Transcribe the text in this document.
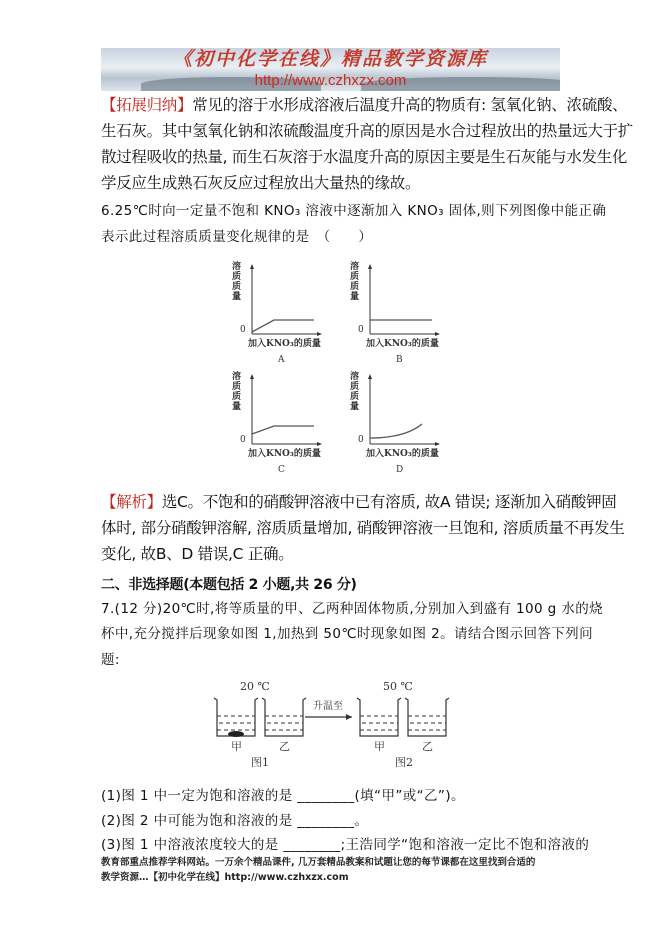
《初中化学在线》精品教学资源库
http://www.czhxzx.com
【拓展归纳】常见的溶于水形成溶液后温度升高的物质有: 氢氧化钠、浓硫酸、
生石灰。其中氢氧化钠和浓硫酸温度升高的原因是水合过程放出的热量远大于扩
散过程吸收的热量, 而生石灰溶于水温度升高的原因主要是生石灰能与水发生化
学反应生成熟石灰反应过程放出大量热的缘故。
6.25℃时向一定量不饱和 KNO₃ 溶液中逐渐加入 KNO₃ 固体,则下列图像中能正确
表示此过程溶质质量变化规律的是　（　　）
溶质质量
0
加入KNO₃的质量
A
溶质质量
0
加入KNO₃的质量
B
溶质质量
0
加入KNO₃的质量
C
溶质质量
0
加入KNO₃的质量
D
【解析】选C。不饱和的硝酸钾溶液中已有溶质, 故A 错误; 逐渐加入硝酸钾固
体时, 部分硝酸钾溶解, 溶质质量增加, 硝酸钾溶液一旦饱和, 溶质质量不再发生
变化, 故B、D 错误,C 正确。
二、非选择题(本题包括 2 小题,共 26 分)
7.(12 分)20℃时,将等质量的甲、乙两种固体物质,分别加入到盛有 100 g 水的烧
杯中,充分搅拌后现象如图 1,加热到 50℃时现象如图 2。请结合图示回答下列问
题:
20 ℃	50 ℃
升温至
甲	乙	甲	乙
图1	图2
(1)图 1 中一定为饱和溶液的是 ________(填“甲”或“乙”)。
(2)图 2 中可能为饱和溶液的是 ________。
(3)图 1 中溶液浓度较大的是 ________;王浩同学“饱和溶液一定比不饱和溶液的
教育部重点推荐学科网站。一万余个精品课件, 几万套精品教案和试题让您的每节课都在这里找到合适的
教学资源…【初中化学在线】http://www.czhxzx.com
